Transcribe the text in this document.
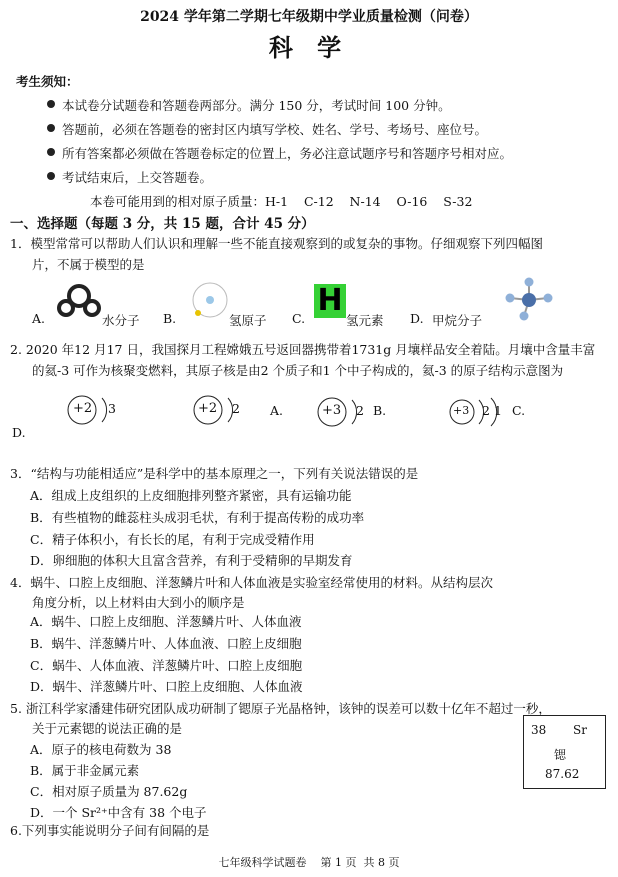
2024 学年第二学期七年级期中学业质量检测（问卷）
科 学
考生须知：
本试卷分试题卷和答题卷两部分。满分 150 分，考试时间 100 分钟。
答题前，必须在答题卷的密封区内填写学校、姓名、学号、考场号、座位号。
所有答案都必须做在答题卷标定的位置上，务必注意试题序号和答题序号相对应。
考试结束后，上交答题卷。
本卷可能用到的相对原子质量：H-1    C-12    N-14    O-16    S-32
一、选择题（每题 3 分，共 15 题，合计 45 分）
1．模型常常可以帮助人们认识和理解一些不能直接观察到的或复杂的事物。仔细观察下列四幅图
片，不属于模型的是
A.	水分子 B.	氢原子 C.
H
氢元素 D. 甲烷分子
2. 2020 年12 月17 日，我国探月工程嫦娥五号返回器携带着1731g 月壤样品安全着陆。月壤中含量丰富
的氦-3 可作为核聚变燃料，其原子核是由2 个质子和1 个中子构成的，氦-3 的原子结构示意图为
+2 3	+2 2 A.	+3 2 B.	+3 2 1 C.
D.
3．“结构与功能相适应”是科学中的基本原理之一，下列有关说法错误的是
A．组成上皮组织的上皮细胞排列整齐紧密，具有运输功能
B．有些植物的雌蕊柱头成羽毛状，有利于提高传粉的成功率
C．精子体积小，有长长的尾，有利于完成受精作用
D．卵细胞的体积大且富含营养，有利于受精卵的早期发育
4．蜗牛、口腔上皮细胞、洋葱鳞片叶和人体血液是实验室经常使用的材料。从结构层次
角度分析，以上材料由大到小的顺序是
A．蜗牛、口腔上皮细胞、洋葱鳞片叶、人体血液
B．蜗牛、洋葱鳞片叶、人体血液、口腔上皮细胞
C．蜗牛、人体血液、洋葱鳞片叶、口腔上皮细胞
D．蜗牛、洋葱鳞片叶、口腔上皮细胞、人体血液
5. 浙江科学家潘建伟研究团队成功研制了锶原子光晶格钟，该钟的误差可以数十亿年不超过一秒，
关于元素锶的说法正确的是
A．原子的核电荷数为 38
B．属于非金属元素
C．相对原子质量为 87.62g
D．一个 Sr²⁺中含有 38 个电子
38 Sr
锶
87.62
6.下列事实能说明分子间有间隔的是
七年级科学试题卷    第 1 页  共 8 页
